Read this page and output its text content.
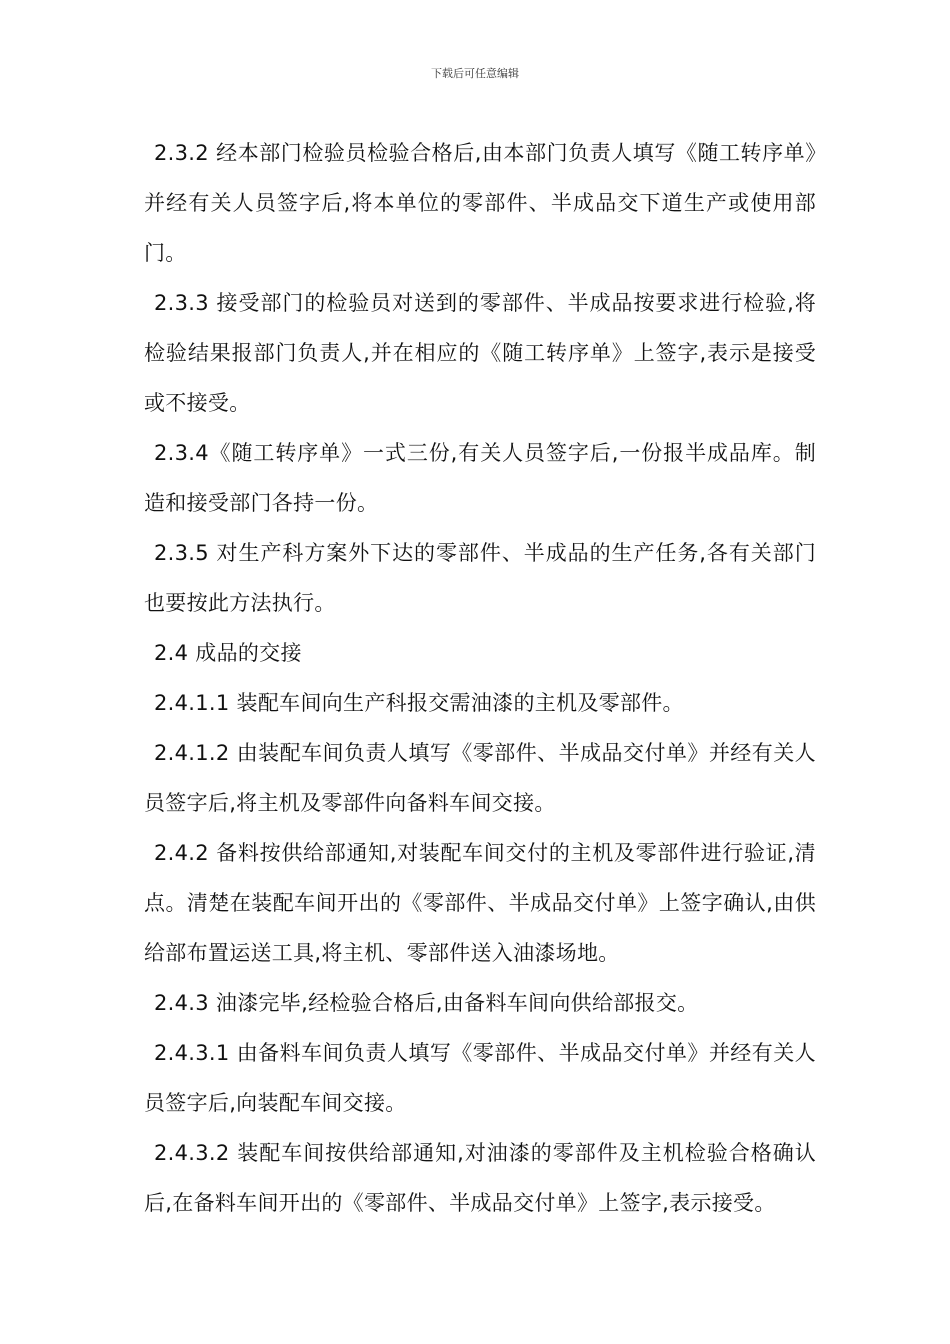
下载后可任意编辑

2.3.2 经本部门检验员检验合格后,由本部门负责人填写《随工转序单》并经有关人员签字后,将本单位的零部件、半成品交下道生产或使用部门。

2.3.3 接受部门的检验员对送到的零部件、半成品按要求进行检验,将检验结果报部门负责人,并在相应的《随工转序单》上签字,表示是接受或不接受。

2.3.4《随工转序单》一式三份,有关人员签字后,一份报半成品库。制造和接受部门各持一份。

2.3.5 对生产科方案外下达的零部件、半成品的生产任务,各有关部门也要按此方法执行。

2.4 成品的交接

2.4.1.1 装配车间向生产科报交需油漆的主机及零部件。

2.4.1.2 由装配车间负责人填写《零部件、半成品交付单》并经有关人员签字后,将主机及零部件向备料车间交接。

2.4.2 备料按供给部通知,对装配车间交付的主机及零部件进行验证,清点。清楚在装配车间开出的《零部件、半成品交付单》上签字确认,由供给部布置运送工具,将主机、零部件送入油漆场地。

2.4.3 油漆完毕,经检验合格后,由备料车间向供给部报交。

2.4.3.1 由备料车间负责人填写《零部件、半成品交付单》并经有关人员签字后,向装配车间交接。

2.4.3.2 装配车间按供给部通知,对油漆的零部件及主机检验合格确认后,在备料车间开出的《零部件、半成品交付单》上签字,表示接受。
